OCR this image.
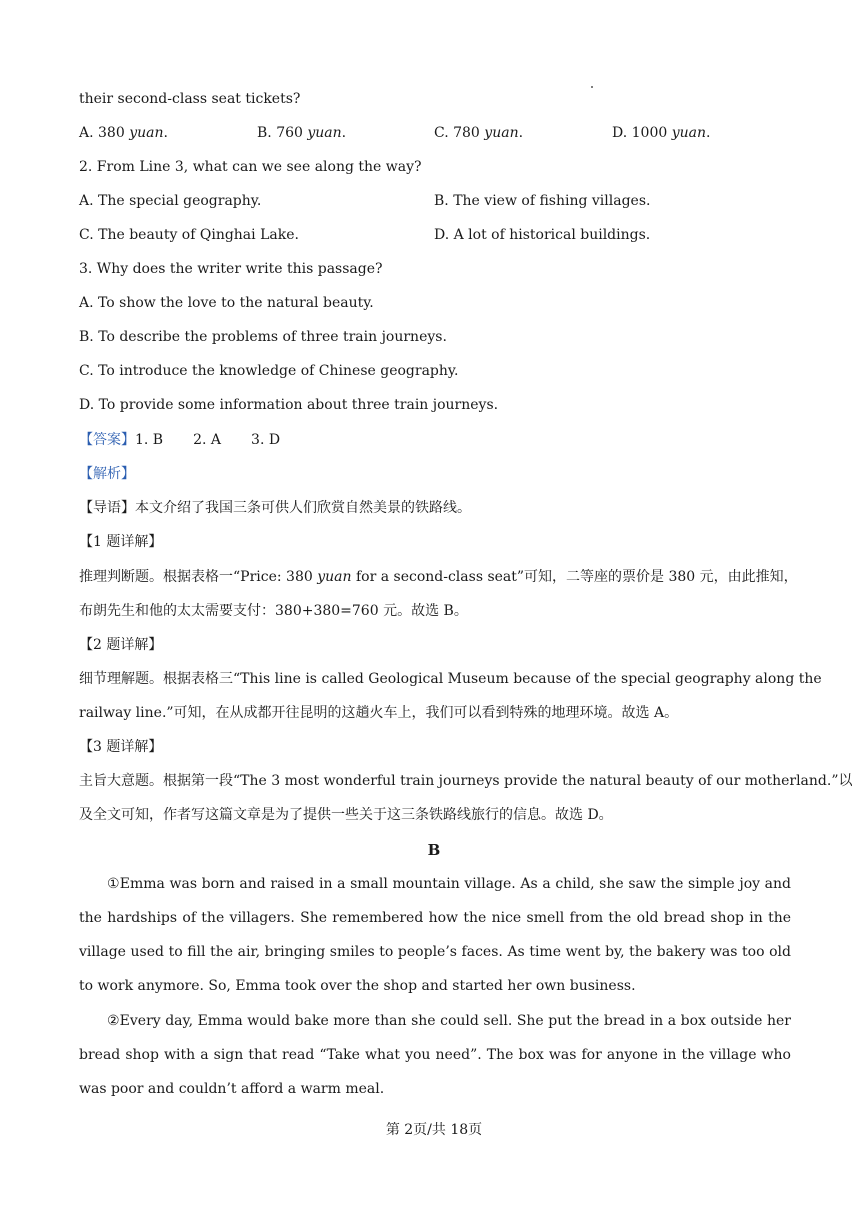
their second-class seat tickets?
A. 380 yuan.	B. 760 yuan.	C. 780 yuan.	D. 1000 yuan.
2. From Line 3, what can we see along the way?
A. The special geography.	B. The view of fishing villages.
C. The beauty of Qinghai Lake.	D. A lot of historical buildings.
3. Why does the writer write this passage?
A. To show the love to the natural beauty.
B. To describe the problems of three train journeys.
C. To introduce the knowledge of Chinese geography.
D. To provide some information about three train journeys.
【答案】1. B 2. A 3. D
【解析】
【导语】本文介绍了我国三条可供人们欣赏自然美景的铁路线。
【1 题详解】
推理判断题。根据表格一“Price: 380 yuan for a second-class seat”可知，二等座的票价是 380 元，由此推知，
布朗先生和他的太太需要支付：380+380=760 元。故选 B。
【2 题详解】
细节理解题。根据表格三“This line is called Geological Museum because of the special geography along the
railway line.”可知，在从成都开往昆明的这趟火车上，我们可以看到特殊的地理环境。故选 A。
【3 题详解】
主旨大意题。根据第一段“The 3 most wonderful train journeys provide the natural beauty of our motherland.”以
及全文可知，作者写这篇文章是为了提供一些关于这三条铁路线旅行的信息。故选 D。
B
①Emma was born and raised in a small mountain village. As a child, she saw the simple joy and the hardships of the villagers. She remembered how the nice smell from the old bread shop in the village used to fill the air, bringing smiles to people’s faces. As time went by, the bakery was too old to work anymore. So, Emma took over the shop and started her own business.
②Every day, Emma would bake more than she could sell. She put the bread in a box outside her bread shop with a sign that read “Take what you need”. The box was for anyone in the village who was poor and couldn’t afford a warm meal.
第 2页/共 18页
